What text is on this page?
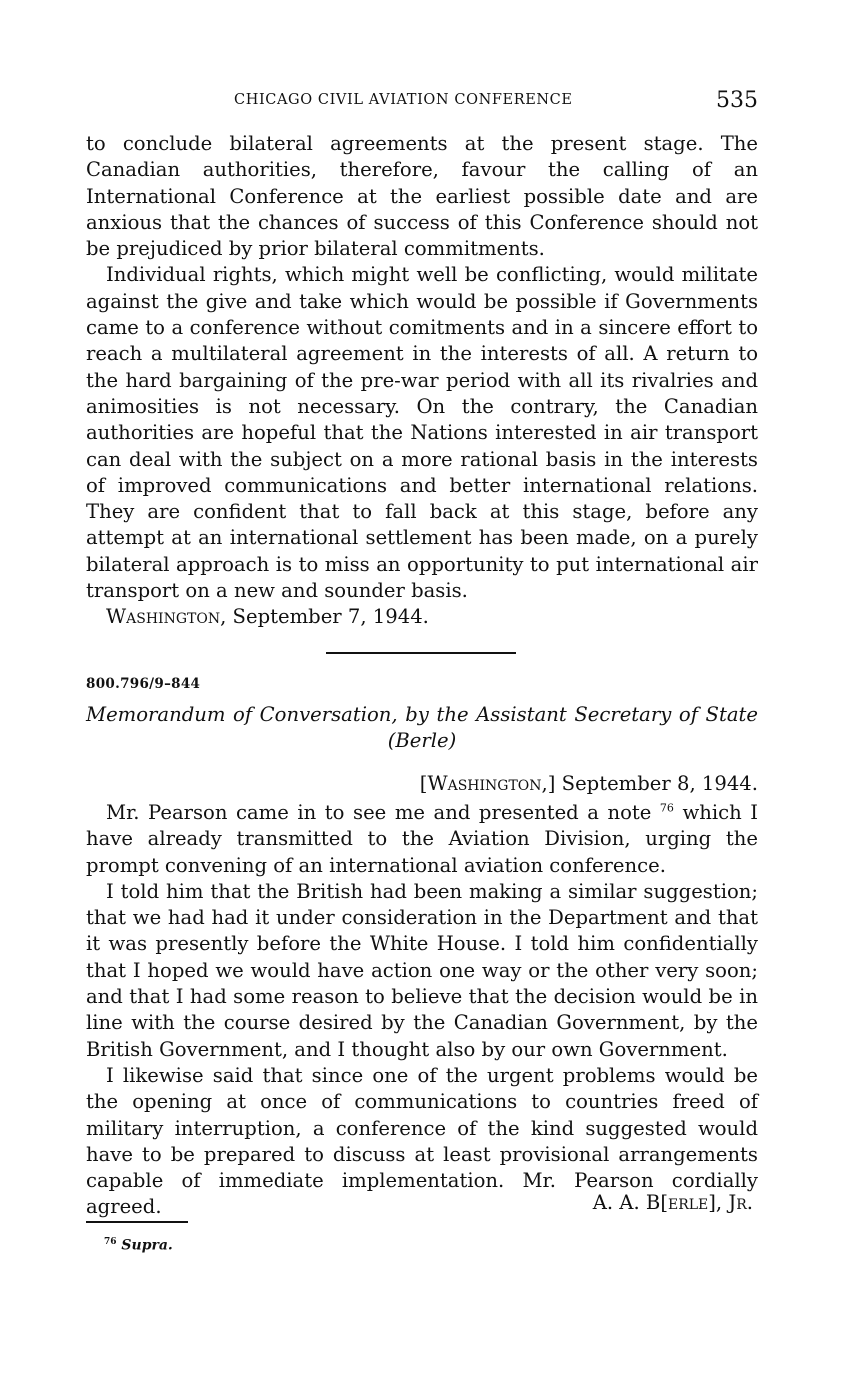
CHICAGO CIVIL AVIATION CONFERENCE	535

to conclude bilateral agreements at the present stage. The Canadian authorities, therefore, favour the calling of an International Conference at the earliest possible date and are anxious that the chances of success of this Conference should not be prejudiced by prior bilateral commitments.

Individual rights, which might well be conflicting, would militate against the give and take which would be possible if Governments came to a conference without comitments and in a sincere effort to reach a multilateral agreement in the interests of all. A return to the hard bargaining of the pre-war period with all its rivalries and animosities is not necessary. On the contrary, the Canadian authorities are hopeful that the Nations interested in air transport can deal with the subject on a more rational basis in the interests of improved communications and better international relations. They are confident that to fall back at this stage, before any attempt at an international settlement has been made, on a purely bilateral approach is to miss an opportunity to put international air transport on a new and sounder basis.

Washington, September 7, 1944.

800.796/9–844
Memorandum of Conversation, by the Assistant Secretary of State
(Berle)
[Washington,] September 8, 1944.

Mr. Pearson came in to see me and presented a note $^{76}$ which I have already transmitted to the Aviation Division, urging the prompt convening of an international aviation conference.

I told him that the British had been making a similar suggestion; that we had had it under consideration in the Department and that it was presently before the White House. I told him confidentially that I hoped we would have action one way or the other very soon; and that I had some reason to believe that the decision would be in line with the course desired by the Canadian Government, by the British Government, and I thought also by our own Government.

I likewise said that since one of the urgent problems would be the opening at once of communications to countries freed of military interruption, a conference of the kind suggested would have to be prepared to discuss at least provisional arrangements capable of immediate implementation. Mr. Pearson cordially agreed.	A. A. B[erle], Jr.
$^{76}$ Supra.
